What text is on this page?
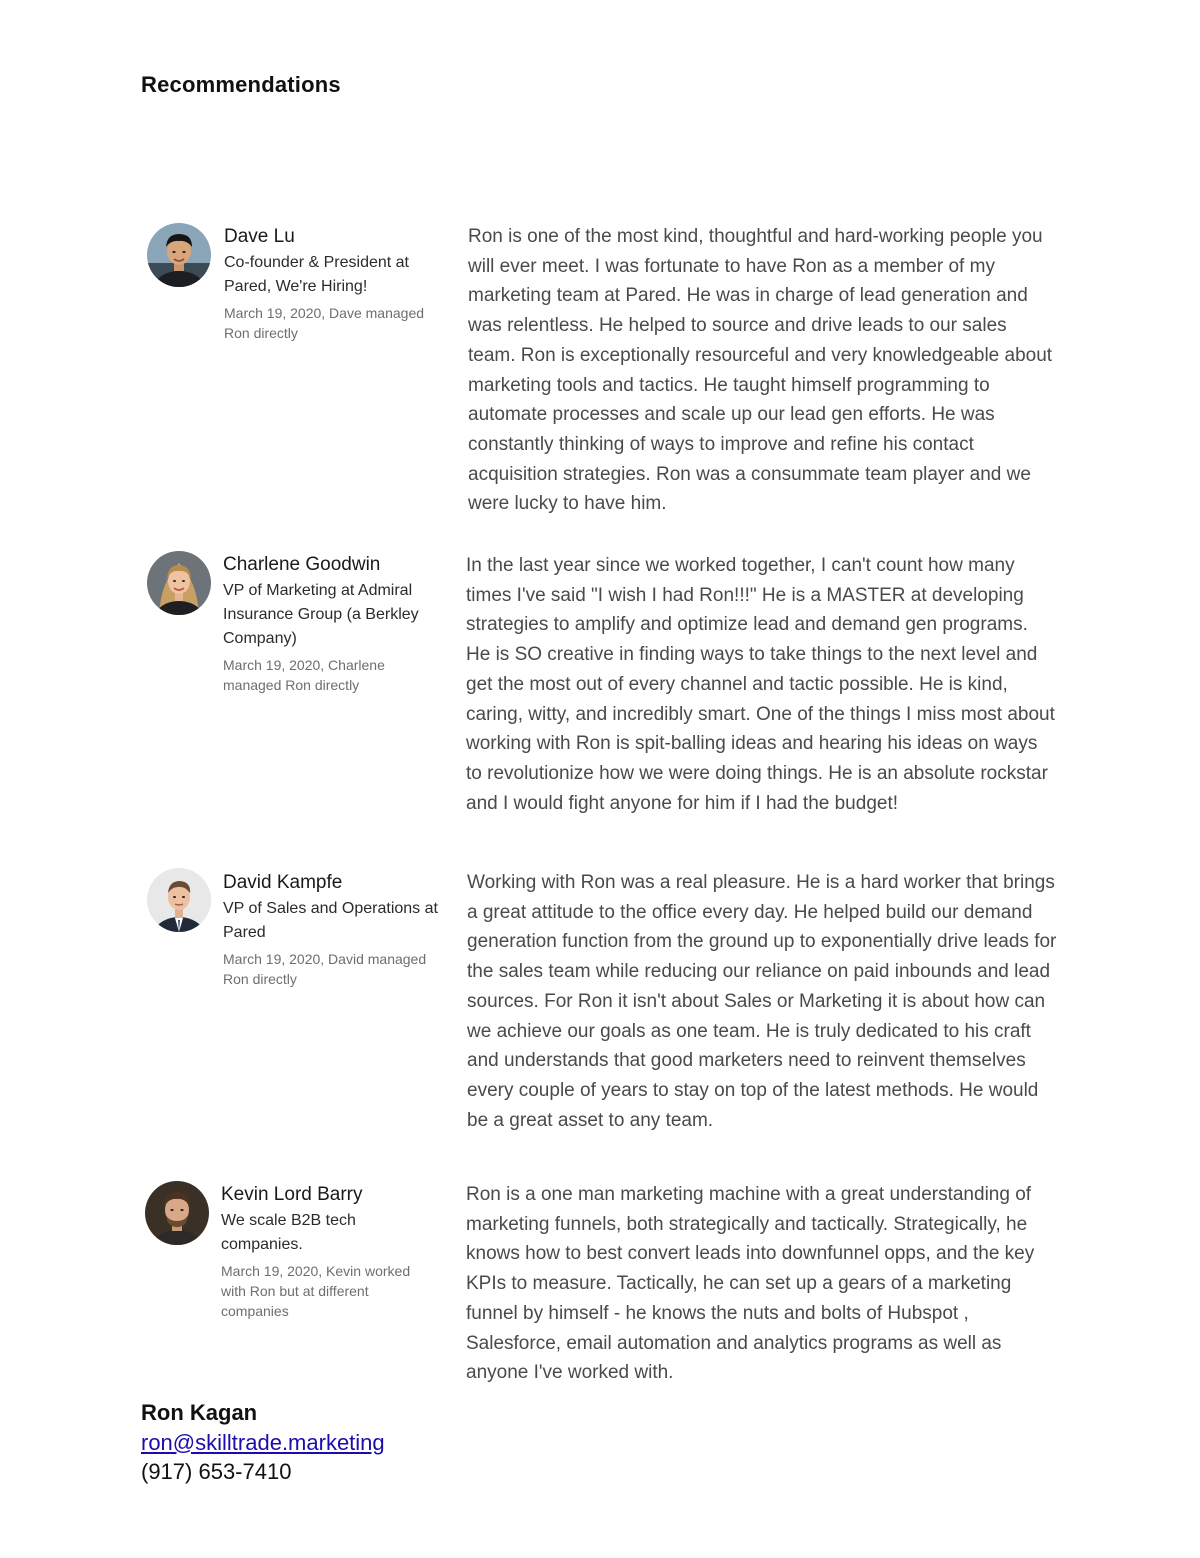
Recommendations
Dave Lu
Co-founder & President at Pared, We're Hiring!
March 19, 2020, Dave managed Ron directly
Ron is one of the most kind, thoughtful and hard-working people you will ever meet. I was fortunate to have Ron as a member of my marketing team at Pared. He was in charge of lead generation and was relentless. He helped to source and drive leads to our sales team. Ron is exceptionally resourceful and very knowledgeable about marketing tools and tactics. He taught himself programming to automate processes and scale up our lead gen efforts. He was constantly thinking of ways to improve and refine his contact acquisition strategies. Ron was a consummate team player and we were lucky to have him.
Charlene Goodwin
VP of Marketing at Admiral Insurance Group (a Berkley Company)
March 19, 2020, Charlene managed Ron directly
In the last year since we worked together, I can't count how many times I've said "I wish I had Ron!!!" He is a MASTER at developing strategies to amplify and optimize lead and demand gen programs. He is SO creative in finding ways to take things to the next level and get the most out of every channel and tactic possible. He is kind, caring, witty, and incredibly smart. One of the things I miss most about working with Ron is spit-balling ideas and hearing his ideas on ways to revolutionize how we were doing things. He is an absolute rockstar and I would fight anyone for him if I had the budget!
David Kampfe
VP of Sales and Operations at Pared
March 19, 2020, David managed Ron directly
Working with Ron was a real pleasure. He is a hard worker that brings a great attitude to the office every day. He helped build our demand generation function from the ground up to exponentially drive leads for the sales team while reducing our reliance on paid inbounds and lead sources. For Ron it isn't about Sales or Marketing it is about how can we achieve our goals as one team. He is truly dedicated to his craft and understands that good marketers need to reinvent themselves every couple of years to stay on top of the latest methods. He would be a great asset to any team.
Kevin Lord Barry
We scale B2B tech companies.
March 19, 2020, Kevin worked with Ron but at different companies
Ron is a one man marketing machine with a great understanding of marketing funnels, both strategically and tactically. Strategically, he knows how to best convert leads into downfunnel opps, and the key KPIs to measure. Tactically, he can set up a gears of a marketing funnel by himself - he knows the nuts and bolts of Hubspot , Salesforce, email automation and analytics programs as well as anyone I've worked with.
Ron Kagan
ron@skilltrade.marketing
(917) 653-7410
